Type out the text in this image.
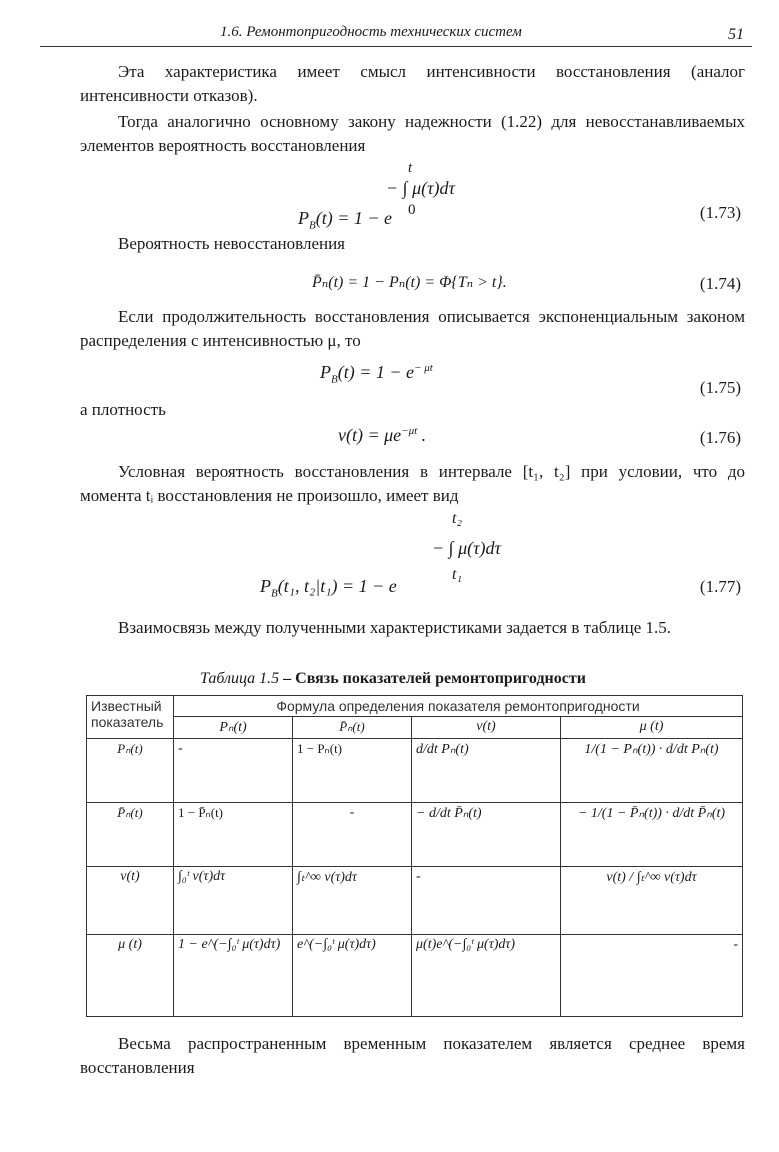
1.6. Ремонтопригодность технических систем	51
Эта характеристика имеет смысл интенсивности восстановления (аналог интенсивности отказов).
Тогда аналогично основному закону надежности (1.22) для невосстанавливаемых элементов вероятность восстановления
t
− ∫ μ(τ)dτ
0
$P_B(t) = 1 - e$	(1.73)
Вероятность невосстановления
P̄ₙ(t) = 1 − Pₙ(t) = Φ{Tₙ > t}.	(1.74)
Если продолжительность восстановления описывается экспоненциальным законом распределения с интенсивностью μ, то
$P_B(t) = 1 - e^{- \mu t}$
(1.75)
а плотность
$\nu(t) = \mu e^{-\mu t}$ .	(1.76)
Условная вероятность восстановления в интервале [t₁, t₂] при условии, что до момента tᵢ восстановления не произошло, имеет вид
t₂
− ∫ μ(τ)dτ
t₁
$P_B(t_1$, t₂|t₁) = 1 − e	(1.77)
Взаимосвязь между полученными характеристиками задается в таблице 1.5.
Таблица 1.5 – Связь показателей ремонтопригодности
Известный показатель	Формула определения показателя ремонтопригодности			
	Pₙ(t)	P̄ₙ(t)	ν(t)	μ (t)
Pₙ(t)	-	1 − Pₙ(t)	d/dt Pₙ(t)	1/(1 − Pₙ(t)) · d/dt Pₙ(t)
P̄ₙ(t)	1 − P̄ₙ(t)	-	− d/dt P̄ₙ(t)	− 1/(1 − P̄ₙ(t)) · d/dt P̄ₙ(t)
ν(t)	∫₀ᵗ ν(τ)dτ	∫ₜ^∞ ν(τ)dτ	-	ν(t) / ∫ₜ^∞ ν(τ)dτ
μ (t)	1 − e^(−∫₀ᵗ μ(τ)dτ)	e^(−∫₀ᵗ μ(τ)dτ)	μ(t)e^(−∫₀ᵗ μ(τ)dτ)	-
Весьма распространенным временным показателем является среднее время восстановления
